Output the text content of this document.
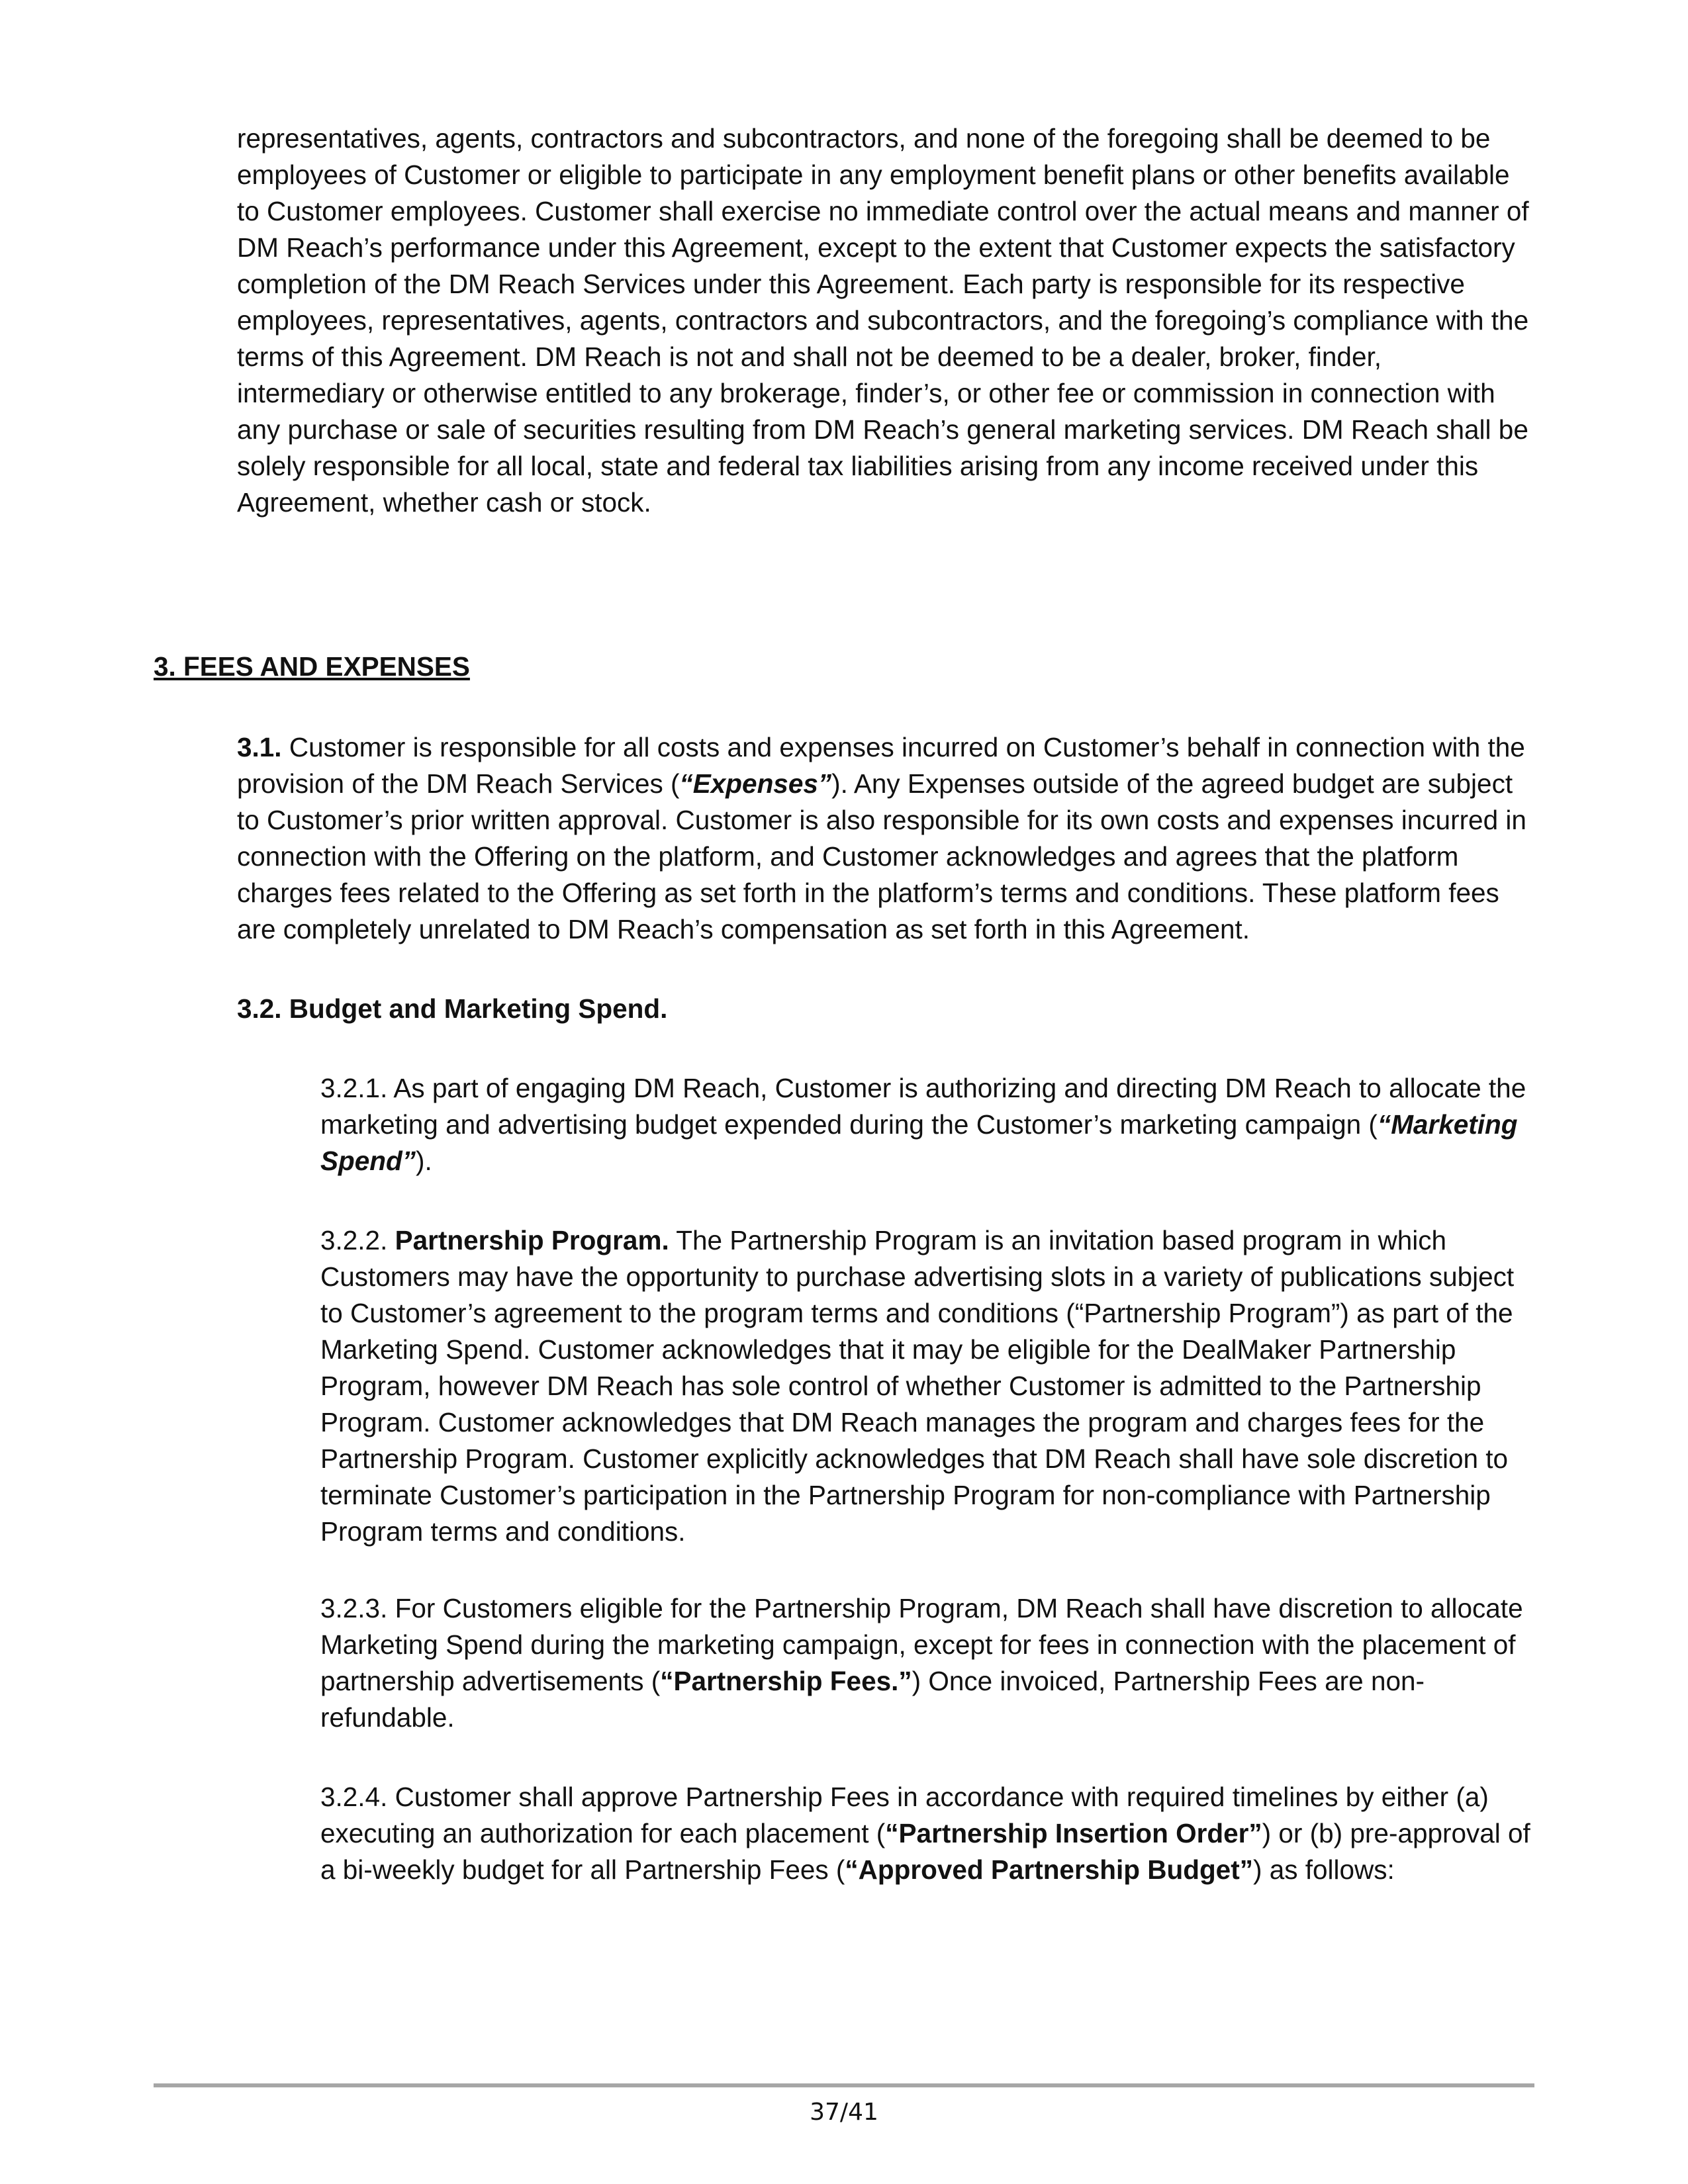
representatives, agents, contractors and subcontractors, and none of the foregoing shall be deemed to be employees of Customer or eligible to participate in any employment benefit plans or other benefits available to Customer employees. Customer shall exercise no immediate control over the actual means and manner of DM Reach’s performance under this Agreement, except to the extent that Customer expects the satisfactory completion of the DM Reach Services under this Agreement. Each party is responsible for its respective employees, representatives, agents, contractors and subcontractors, and the foregoing’s compliance with the terms of this Agreement. DM Reach is not and shall not be deemed to be a dealer, broker, finder, intermediary or otherwise entitled to any brokerage, finder’s, or other fee or commission in connection with any purchase or sale of securities resulting from DM Reach’s general marketing services. DM Reach shall be solely responsible for all local, state and federal tax liabilities arising from any income received under this Agreement, whether cash or stock.

3. FEES AND EXPENSES

3.1. Customer is responsible for all costs and expenses incurred on Customer’s behalf in connection with the provision of the DM Reach Services (“Expenses”). Any Expenses outside of the agreed budget are subject to Customer’s prior written approval. Customer is also responsible for its own costs and expenses incurred in connection with the Offering on the platform, and Customer acknowledges and agrees that the platform charges fees related to the Offering as set forth in the platform’s terms and conditions. These platform fees are completely unrelated to DM Reach’s compensation as set forth in this Agreement.

3.2. Budget and Marketing Spend.

3.2.1. As part of engaging DM Reach, Customer is authorizing and directing DM Reach to allocate the marketing and advertising budget expended during the Customer’s marketing campaign (“Marketing Spend”).

3.2.2. Partnership Program. The Partnership Program is an invitation based program in which Customers may have the opportunity to purchase advertising slots in a variety of publications subject to Customer’s agreement to the program terms and conditions (“Partnership Program”) as part of the Marketing Spend. Customer acknowledges that it may be eligible for the DealMaker Partnership Program, however DM Reach has sole control of whether Customer is admitted to the Partnership Program. Customer acknowledges that DM Reach manages the program and charges fees for the Partnership Program. Customer explicitly acknowledges that DM Reach shall have sole discretion to terminate Customer’s participation in the Partnership Program for non-compliance with Partnership Program terms and conditions.

3.2.3. For Customers eligible for the Partnership Program, DM Reach shall have discretion to allocate Marketing Spend during the marketing campaign, except for fees in connection with the placement of partnership advertisements (“Partnership Fees.”) Once invoiced, Partnership Fees are non-refundable.

3.2.4. Customer shall approve Partnership Fees in accordance with required timelines by either (a) executing an authorization for each placement (“Partnership Insertion Order”) or (b) pre-approval of a bi-weekly budget for all Partnership Fees (“Approved Partnership Budget”) as follows:

37/41
